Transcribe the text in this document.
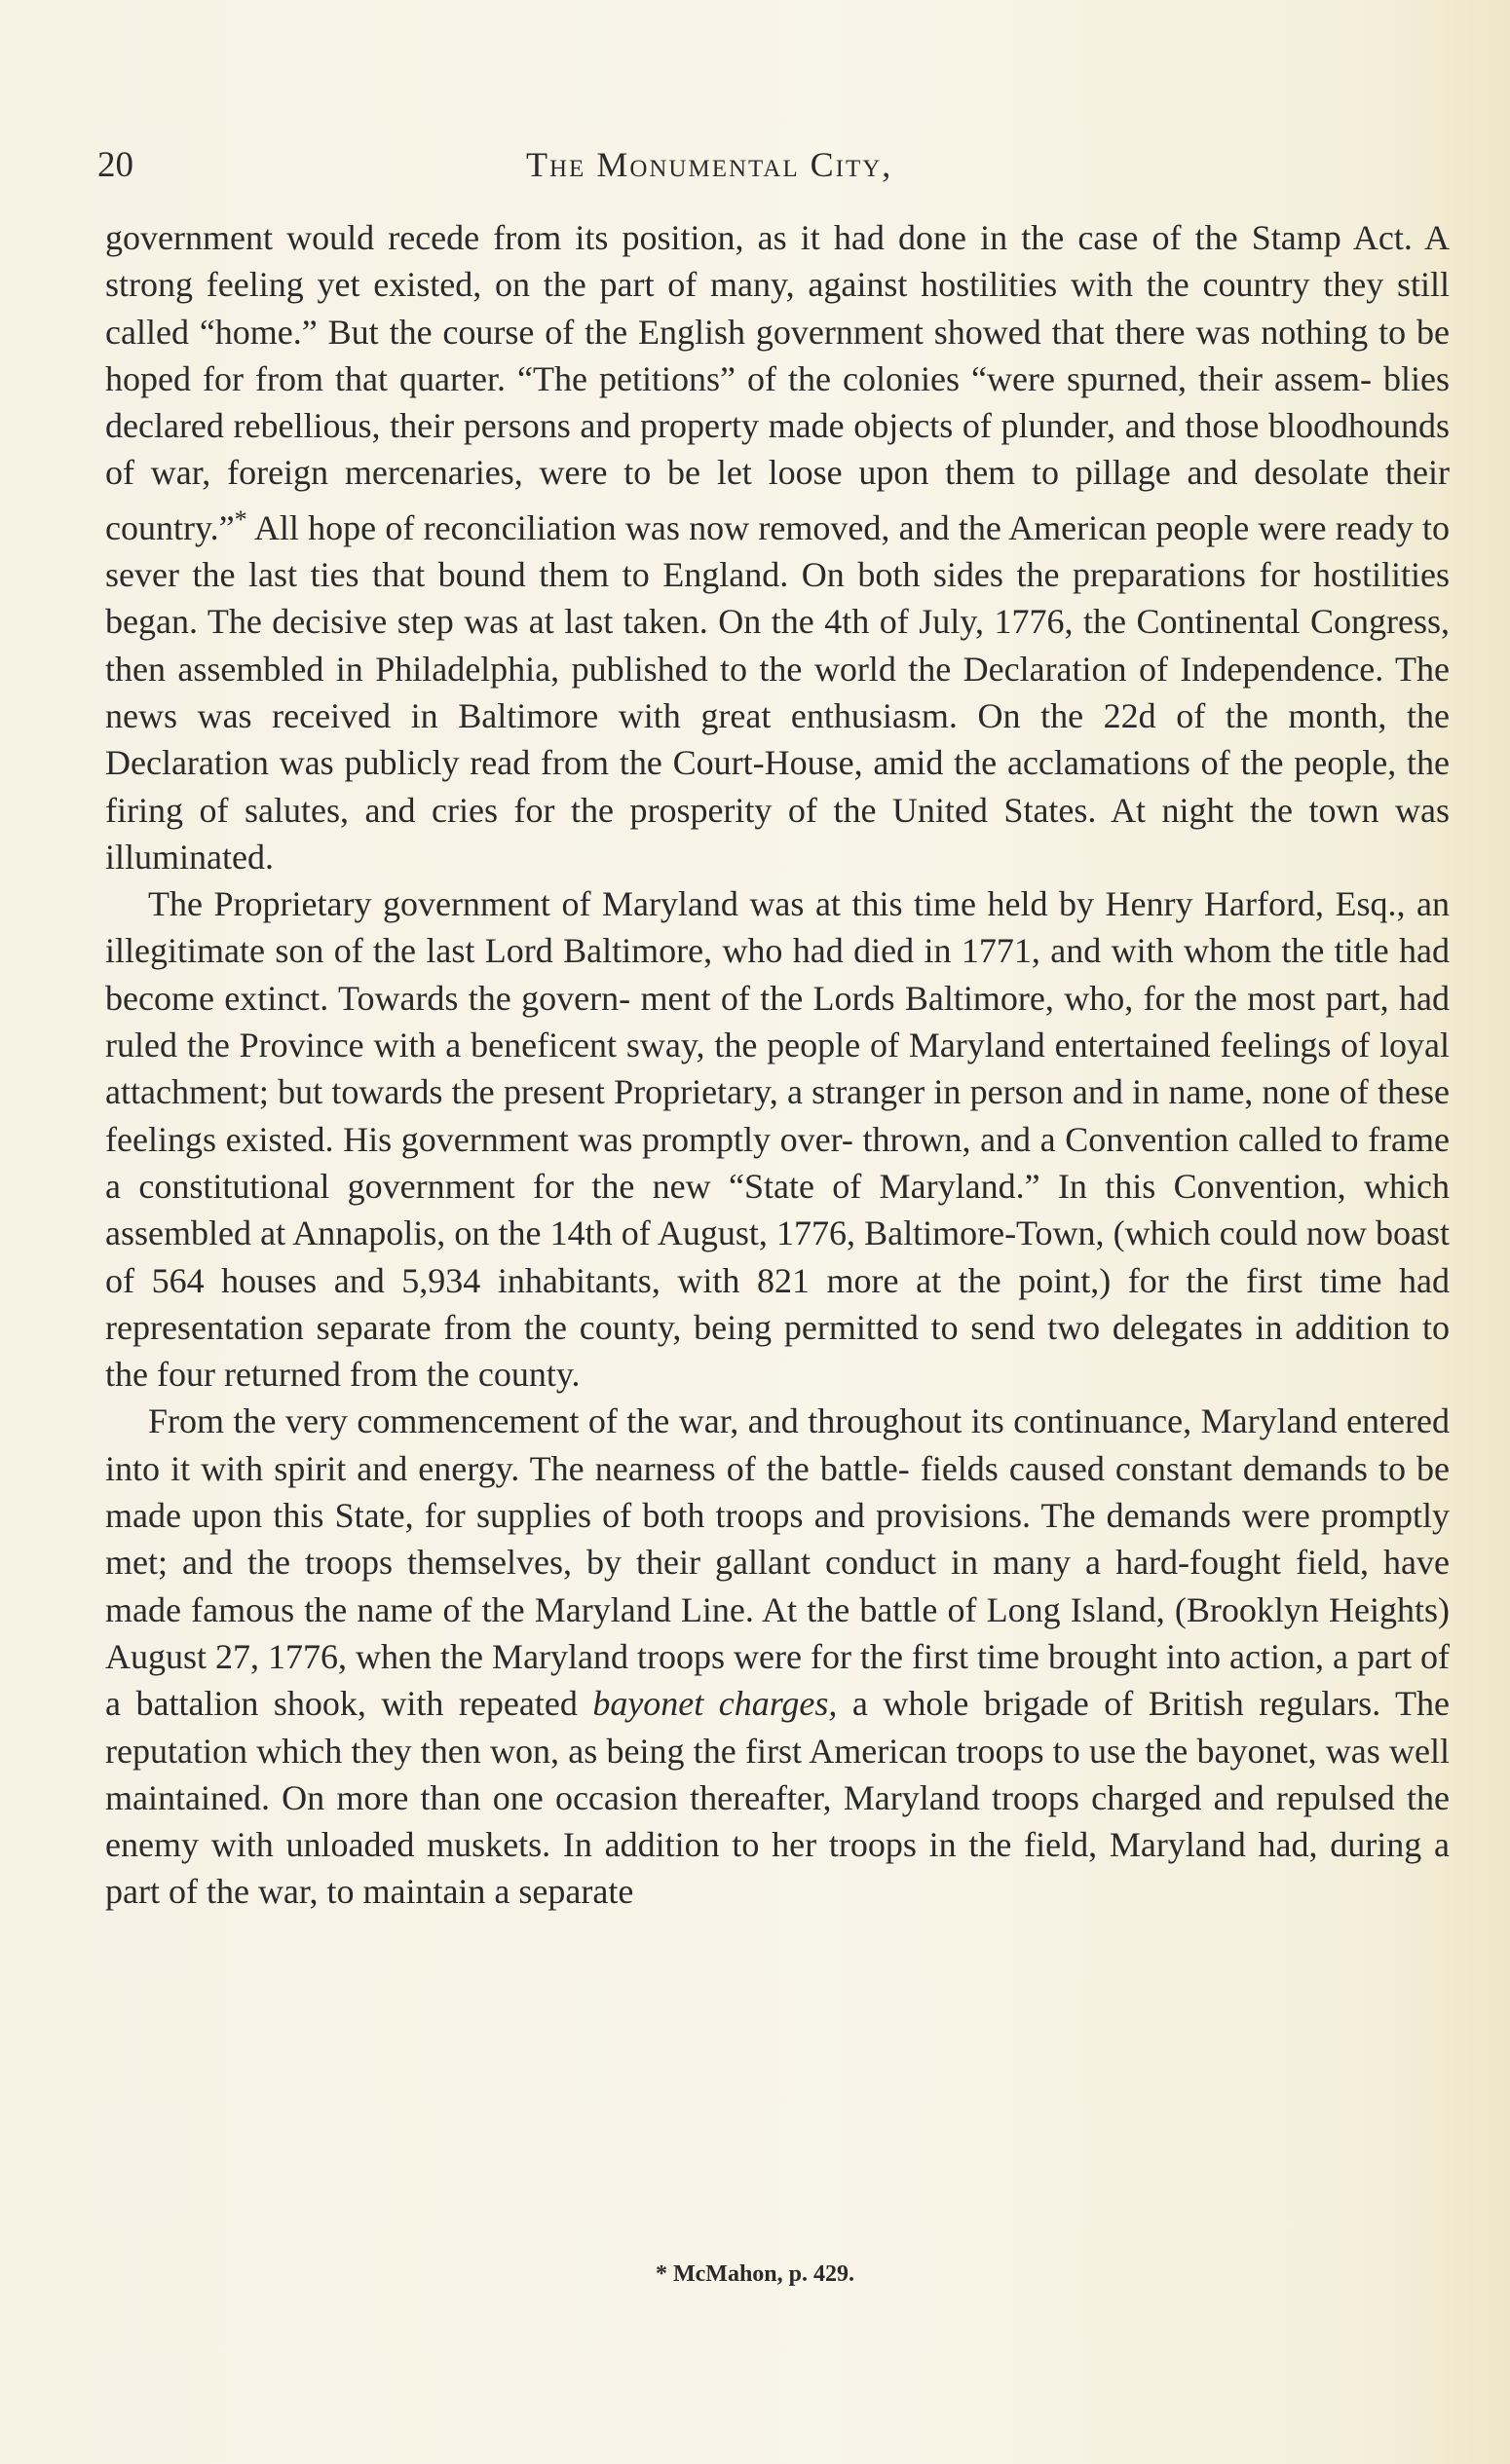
20	The Monumental City,

government would recede from its position, as it had done in the case of the Stamp Act. A strong feeling yet existed, on the part of many, against hostilities with the country they still called “home.” But the course of the English government showed that there was nothing to be hoped for from that quarter. “The petitions” of the colonies “were spurned, their assem- blies declared rebellious, their persons and property made objects of plunder, and those bloodhounds of war, foreign mercenaries, were to be let loose upon them to pillage and desolate their country.”* All hope of reconciliation was now removed, and the American people were ready to sever the last ties that bound them to England. On both sides the preparations for hostilities began. The decisive step was at last taken. On the 4th of July, 1776, the Continental Congress, then assembled in Philadelphia, published to the world the Declaration of Independence. The news was received in Baltimore with great enthusiasm. On the 22d of the month, the Declaration was publicly read from the Court-House, amid the acclamations of the people, the firing of salutes, and cries for the prosperity of the United States. At night the town was illuminated.

The Proprietary government of Maryland was at this time held by Henry Harford, Esq., an illegitimate son of the last Lord Baltimore, who had died in 1771, and with whom the title had become extinct. Towards the govern- ment of the Lords Baltimore, who, for the most part, had ruled the Province with a beneficent sway, the people of Maryland entertained feelings of loyal attachment; but towards the present Proprietary, a stranger in person and in name, none of these feelings existed. His government was promptly over- thrown, and a Convention called to frame a constitutional government for the new “State of Maryland.” In this Convention, which assembled at Annapolis, on the 14th of August, 1776, Baltimore-Town, (which could now boast of 564 houses and 5,934 inhabitants, with 821 more at the point,) for the first time had representation separate from the county, being permitted to send two delegates in addition to the four returned from the county.

From the very commencement of the war, and throughout its continuance, Maryland entered into it with spirit and energy. The nearness of the battle- fields caused constant demands to be made upon this State, for supplies of both troops and provisions. The demands were promptly met; and the troops themselves, by their gallant conduct in many a hard-fought field, have made famous the name of the Maryland Line. At the battle of Long Island, (Brooklyn Heights) August 27, 1776, when the Maryland troops were for the first time brought into action, a part of a battalion shook, with repeated bayonet charges, a whole brigade of British regulars. The reputation which they then won, as being the first American troops to use the bayonet, was well maintained. On more than one occasion thereafter, Maryland troops charged and repulsed the enemy with unloaded muskets. In addition to her troops in the field, Maryland had, during a part of the war, to maintain a separate

* McMahon, p. 429.
